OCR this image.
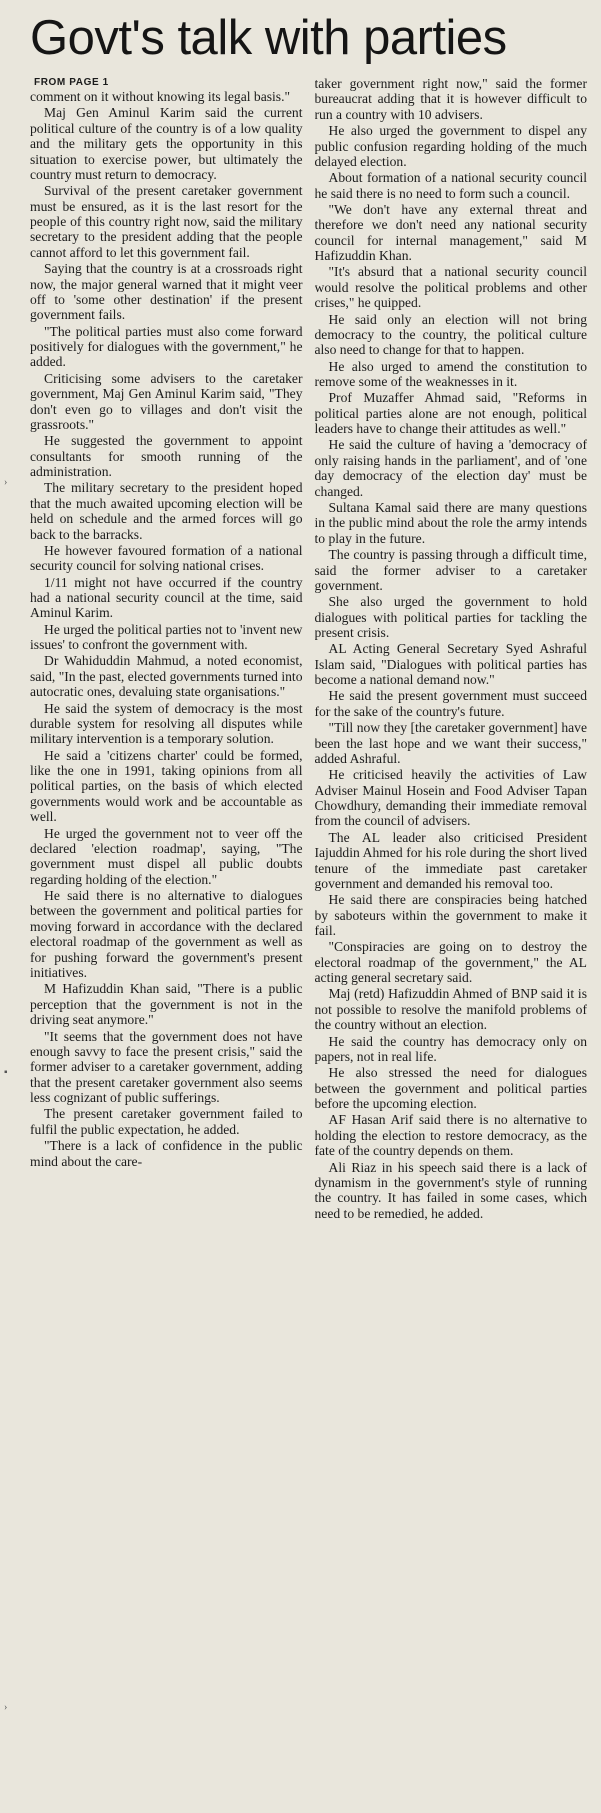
Govt's talk with parties
FROM PAGE 1

comment on it without knowing its legal basis."

Maj Gen Aminul Karim said the current political culture of the country is of a low quality and the military gets the opportunity in this situation to exercise power, but ultimately the country must return to democracy.

Survival of the present caretaker government must be ensured, as it is the last resort for the people of this country right now, said the military secretary to the president adding that the people cannot afford to let this government fail.

Saying that the country is at a crossroads right now, the major general warned that it might veer off to 'some other destination' if the present government fails.

"The political parties must also come forward positively for dialogues with the government," he added.

Criticising some advisers to the caretaker government, Maj Gen Aminul Karim said, "They don't even go to villages and don't visit the grassroots."

He suggested the government to appoint consultants for smooth running of the administration.

The military secretary to the president hoped that the much awaited upcoming election will be held on schedule and the armed forces will go back to the barracks.

He however favoured formation of a national security council for solving national crises.

1/11 might not have occurred if the country had a national security council at the time, said Aminul Karim.

He urged the political parties not to 'invent new issues' to confront the government with.

Dr Wahiduddin Mahmud, a noted economist, said, "In the past, elected governments turned into autocratic ones, devaluing state organisations."

He said the system of democracy is the most durable system for resolving all disputes while military intervention is a temporary solution.

He said a 'citizens charter' could be formed, like the one in 1991, taking opinions from all political parties, on the basis of which elected governments would work and be accountable as well.

He urged the government not to veer off the declared 'election roadmap', saying, "The government must dispel all public doubts regarding holding of the election."

He said there is no alternative to dialogues between the government and political parties for moving forward in accordance with the declared electoral roadmap of the government as well as for pushing forward the government's present initiatives.

M Hafizuddin Khan said, "There is a public perception that the government is not in the driving seat anymore."

"It seems that the government does not have enough savvy to face the present crisis," said the former adviser to a caretaker government, adding that the present caretaker government also seems less cognizant of public sufferings.

The present caretaker government failed to fulfil the public expectation, he added.

"There is a lack of confidence in the public mind about the care-

taker government right now," said the former bureaucrat adding that it is however difficult to run a country with 10 advisers.

He also urged the government to dispel any public confusion regarding holding of the much delayed election.

About formation of a national security council he said there is no need to form such a council.

"We don't have any external threat and therefore we don't need any national security council for internal management," said M Hafizuddin Khan.

"It's absurd that a national security council would resolve the political problems and other crises," he quipped.

He said only an election will not bring democracy to the country, the political culture also need to change for that to happen.

He also urged to amend the constitution to remove some of the weaknesses in it.

Prof Muzaffer Ahmad said, "Reforms in political parties alone are not enough, political leaders have to change their attitudes as well."

He said the culture of having a 'democracy of only raising hands in the parliament', and of 'one day democracy of the election day' must be changed.

Sultana Kamal said there are many questions in the public mind about the role the army intends to play in the future.

The country is passing through a difficult time, said the former adviser to a caretaker government.

She also urged the government to hold dialogues with political parties for tackling the present crisis.

AL Acting General Secretary Syed Ashraful Islam said, "Dialogues with political parties has become a national demand now."

He said the present government must succeed for the sake of the country's future.

"Till now they [the caretaker government] have been the last hope and we want their success," added Ashraful.

He criticised heavily the activities of Law Adviser Mainul Hosein and Food Adviser Tapan Chowdhury, demanding their immediate removal from the council of advisers.

The AL leader also criticised President Iajuddin Ahmed for his role during the short lived tenure of the immediate past caretaker government and demanded his removal too.

He said there are conspiracies being hatched by saboteurs within the government to make it fail.

"Conspiracies are going on to destroy the electoral roadmap of the government," the AL acting general secretary said.

Maj (retd) Hafizuddin Ahmed of BNP said it is not possible to resolve the manifold problems of the country without an election.

He said the country has democracy only on papers, not in real life.

He also stressed the need for dialogues between the government and political parties before the upcoming election.

AF Hasan Arif said there is no alternative to holding the election to restore democracy, as the fate of the country depends on them.

Ali Riaz in his speech said there is a lack of dynamism in the government's style of running the country. It has failed in some cases, which need to be remedied, he added.

›
▪
›
